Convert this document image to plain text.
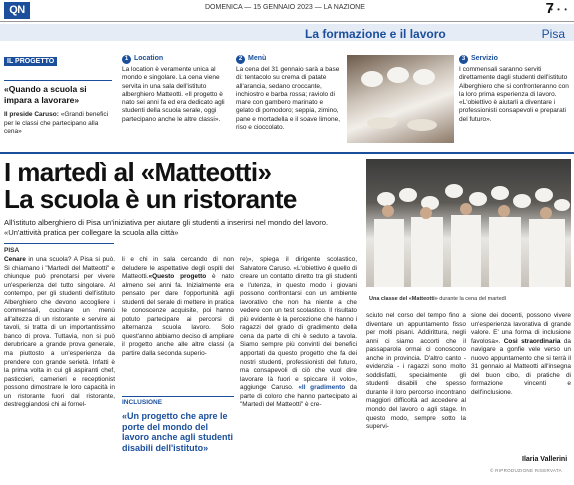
QN	DOMENICA — 15 GENNAIO 2023 — LA NAZIONE	7
• • •
La formazione e il lavoro	Pisa
IL PROGETTO
«Quando a scuola si impara a lavorare»
Il preside Caruso: «Grandi benefici per le classi che partecipano alla cena»
1 Location
La location è veramente unica al mondo e singolare. La cena viene servita in una sala dell'istituto alberghiero Matteotti. «Il progetto è nato sei anni fa ed era dedicato agli studenti della scuola serale, oggi partecipano anche le altre classi».
2 Menù
La cena del 31 gennaio sarà a base di: tentacolo su crema di patate all'arancia, sedano croccante, inchiostro e barba rossa; raviolo di mare con gambero marinato e gelato di pomodoro; seppia, zimino, pane e mortadella e il soave limone, riso e cioccolato.
3 Servizio
I commensali saranno serviti direttamente dagli studenti dell'istituto Alberghiero che si confronteranno con la loro prima esperienza di lavoro. «L'obiettivo è aiutarli a diventare i professionisti consapevoli e preparati del futuro».
I martedì al «Matteotti»
La scuola è un ristorante
All'istituto alberghiero di Pisa un'iniziativa per aiutare gli studenti a inserirsi nel mondo del lavoro. «Un'attività pratica per collegare la scuola alla città»
Una classe del «Matteotti» durante la cena del martedì
PISA
Cenare in una scuola? A Pisa si può. Si chiamano i "Martedì del Matteotti" e chiunque può prenotarsi per vivere un'esperienza del tutto singolare. Al contempo, per gli studenti dell'istituto Alberghiero che devono accogliere i commensali, cucinare un menù all'altezza di un ristorante e servire ai tavoli, si tratta di un importantissimo banco di prova. Tuttavia, non si può derubricare a grande prova generale, ma piuttosto a un'esperienza da prendere con grande serietà. Infatti è la prima volta in cui gli aspiranti chef, pasticcieri, camerieri e receptionist possono dimostrare le loro capacità in un ristorante fuori dal ristorante, destreggiandosi chi ai fornel-
li e chi in sala cercando di non deludere le aspettative degli ospiti del Matteotti.«Questo progetto è nato almeno sei anni fa. Inizialmente era pensato per dare l'opportunità agli studenti del serale di mettere in pratica le conoscenze acquisite, poi hanno potuto partecipare ai percorsi di alternanza scuola lavoro. Solo quest'anno abbiamo deciso di ampliare il progetto anche alle altre classi (a partire dalla seconda superio-
INCLUSIONE
«Un progetto che apre le porte del mondo del lavoro anche agli studenti disabili dell'istituto»
re)», spiega il dirigente scolastico, Salvatore Caruso. «L'obiettivo è quello di creare un contatto diretto tra gli studenti e l'utenza, in questo modo i giovani possono confrontarsi con un ambiente lavorativo che non ha niente a che vedere con un test scolastico. Il risultato più evidente è la percezione che hanno i ragazzi del grado di gradimento della cena da parte di chi è seduto a tavola. Siamo sempre più convinti dei benefici apportati da questo progetto che fa dei nostri studenti, professionisti del futuro, ma consapevoli di ciò che vuol dire lavorare là fuori e spiccare il volo», aggiunge Caruso. «Il gradimento da parte di coloro che hanno partecipato ai "Martedì del Matteotti" è cre-
sciuto nel corso del tempo fino a diventare un appuntamento fisso per molti pisani. Addirittura, negli anni ci siamo accorti che il passaparola ormai ci conoscono anche in provincia. D'altro canto - evidenzia - i ragazzi sono molto soddisfatti, specialmente gli studenti disabili che spesso durante il loro percorso incontrano maggiori difficoltà ad accedere al mondo del lavoro o agli stage. In questo modo, sempre sotto la supervi-
sione dei docenti, possono vivere un'esperienza lavorativa di grande valore. E' una forma di inclusione favolosa». Così straordinaria da navigare a gonfie vele verso un nuovo appuntamento che si terrà il 31 gennaio al Matteotti all'insegna del buon cibo, di pratiche di formazione vincenti e dell'inclusione.
Ilaria Vallerini
© RIPRODUZIONE RISERVATA
